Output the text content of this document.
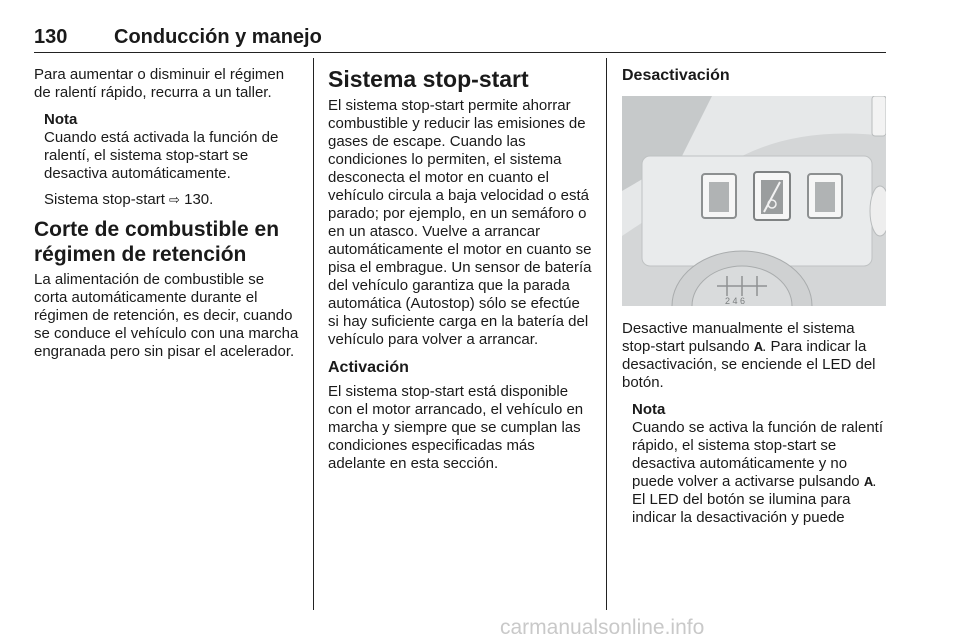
130 Conducción y manejo

Para aumentar o disminuir el régimen de ralentí rápido, recurra a un taller.

Nota
Cuando está activada la función de ralentí, el sistema stop-start se desactiva automáticamente.

Sistema stop-start ⇨ 130.

Corte de combustible en régimen de retención

La alimentación de combustible se corta automáticamente durante el régimen de retención, es decir, cuando se conduce el vehículo con una marcha engranada pero sin pisar el acelerador.

Sistema stop-start

El sistema stop-start permite ahorrar combustible y reducir las emisiones de gases de escape. Cuando las condiciones lo permiten, el sistema desconecta el motor en cuanto el vehículo circula a baja velocidad o está parado; por ejemplo, en un semáforo o en un atasco. Vuelve a arrancar automáticamente el motor en cuanto se pisa el embrague. Un sensor de batería del vehículo garantiza que la parada automática (Autostop) sólo se efectúe si hay suficiente carga en la batería del vehículo para volver a arrancar.

Activación

El sistema stop-start está disponible con el motor arrancado, el vehículo en marcha y siempre que se cumplan las condiciones especificadas más adelante en esta sección.

Desactivación
2 4 6

Desactive manualmente el sistema stop-start pulsando A. Para indicar la desactivación, se enciende el LED del botón.

Nota
Cuando se activa la función de ralentí rápido, el sistema stop-start se desactiva automáticamente y no puede volver a activarse pulsando A. El LED del botón se ilumina para indicar la desactivación y puede
carmanualsonline.info
